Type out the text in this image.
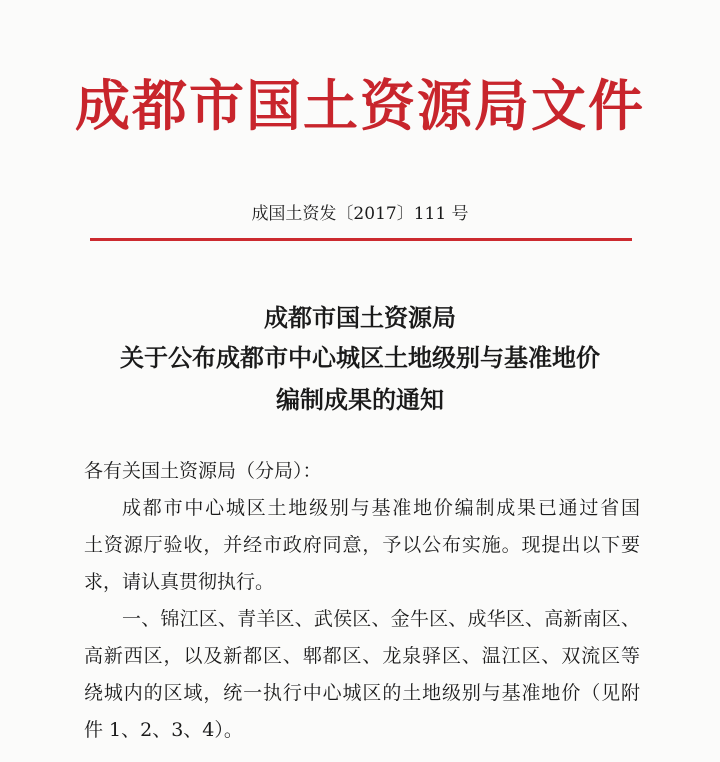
成都市国土资源局文件
成国土资发〔2017〕111 号
成都市国土资源局
关于公布成都市中心城区土地级别与基准地价
编制成果的通知
各有关国土资源局（分局）：
成都市中心城区土地级别与基准地价编制成果已通过省国
土资源厅验收，并经市政府同意，予以公布实施。现提出以下要
求，请认真贯彻执行。
一、锦江区、青羊区、武侯区、金牛区、成华区、高新南区、
高新西区，以及新都区、郫都区、龙泉驿区、温江区、双流区等
绕城内的区域，统一执行中心城区的土地级别与基准地价（见附
件 1、2、3、4）。
